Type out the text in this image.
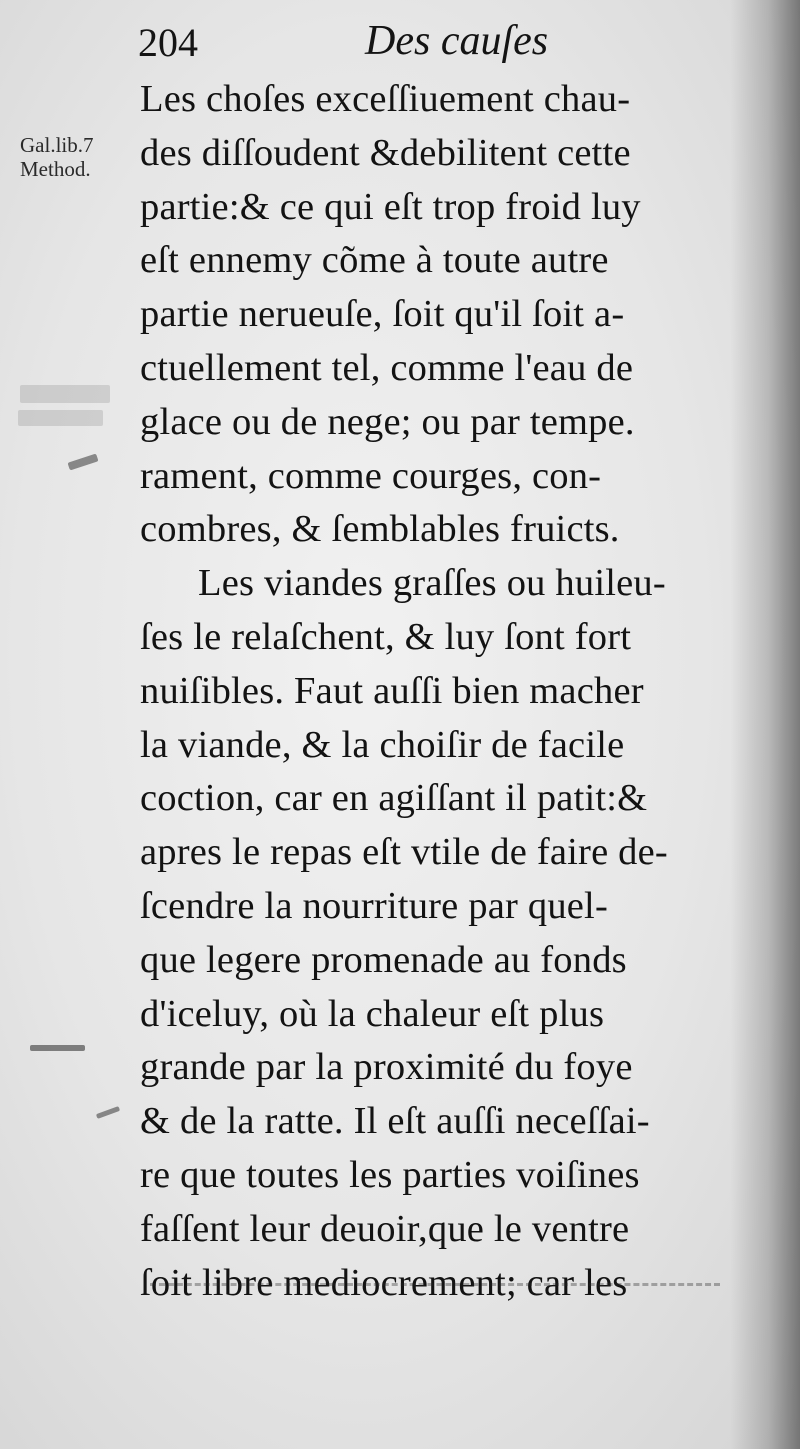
204	Des cauſes
Gal.lib.7
Method.
Les choſes exceſſiuement chau-
des diſſoudent &debilitent cette
partie:& ce qui eſt trop froid luy
eſt ennemy cõme à toute autre
partie nerueuſe, ſoit qu'il ſoit a-
ctuellement tel, comme l'eau de
glace ou de nege; ou par tempe.
rament, comme courges, con-
combres, & ſemblables fruicts.
Les viandes graſſes ou huileu-
ſes le relaſchent, & luy ſont fort
nuiſibles. Faut auſſi bien macher
la viande, & la choiſir de facile
coction, car en agiſſant il patit:&
apres le repas eſt vtile de faire de-
ſcendre la nourriture par quel-
que legere promenade au fonds
d'iceluy, où la chaleur eſt plus
grande par la proximité du foye
& de la ratte. Il eſt auſſi neceſſai-
re que toutes les parties voiſines
faſſent leur deuoir,que le ventre
ſoit libre mediocrement; car les
